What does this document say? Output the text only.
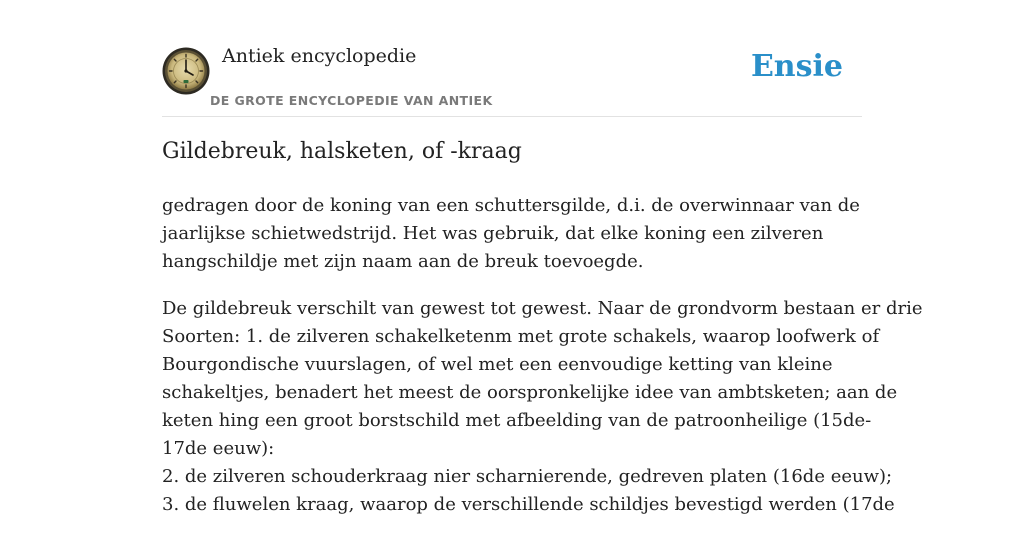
Antiek encyclopedie
DE GROTE ENCYCLOPEDIE VAN ANTIEK
Ensie
Gildebreuk, halsketen, of -kraag

gedragen door de koning van een schuttersgilde, d.i. de overwinnaar van de
jaarlijkse schietwedstrijd. Het was gebruik, dat elke koning een zilveren
hangschildje met zijn naam aan de breuk toevoegde.

De gildebreuk verschilt van gewest tot gewest. Naar de grondvorm bestaan er drie
Soorten: 1. de zilveren schakelketenm met grote schakels, waarop loofwerk of
Bourgondische vuurslagen, of wel met een eenvoudige ketting van kleine
schakeltjes, benadert het meest de oorspronkelijke idee van ambtsketen; aan de
keten hing een groot borstschild met afbeelding van de patroonheilige (15de-
17de eeuw):
2. de zilveren schouderkraag nier scharnierende, gedreven platen (16de eeuw);
3. de fluwelen kraag, waarop de verschillende schildjes bevestigd werden (17de
